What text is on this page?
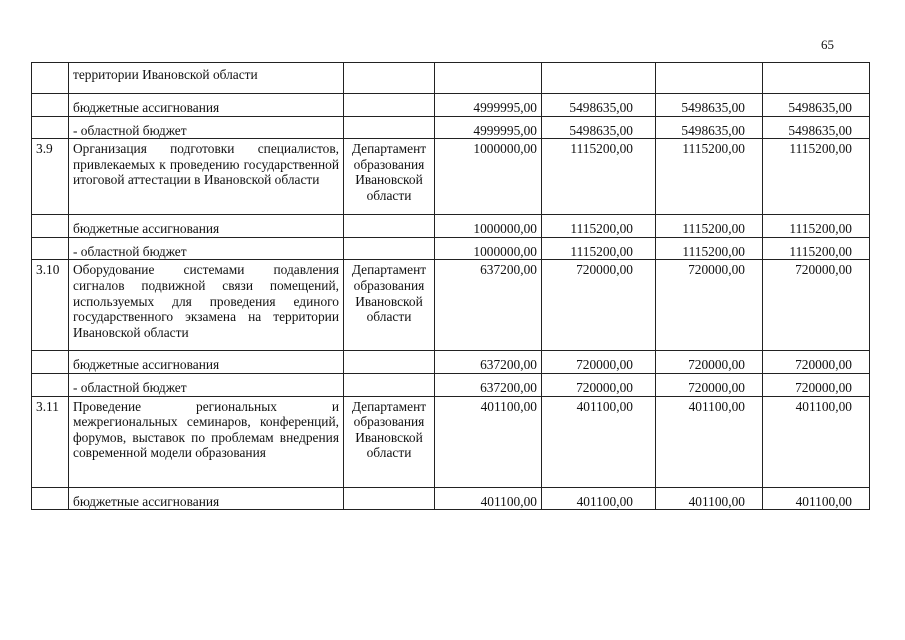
65
	территории Ивановской области					
	бюджетные ассигнования		4999995,00	5498635,00	5498635,00	5498635,00
	- областной бюджет		4999995,00	5498635,00	5498635,00	5498635,00
3.9	Организация подготовки специалистов, привлекаемых к проведению государственной итоговой аттестации в Ивановской области	Департамент образования Ивановской области	1000000,00	1115200,00	1115200,00	1115200,00
	бюджетные ассигнования		1000000,00	1115200,00	1115200,00	1115200,00
	- областной бюджет		1000000,00	1115200,00	1115200,00	1115200,00
3.10	Оборудование системами подавления сигналов подвижной связи помещений, используемых для проведения единого государственного экзамена на территории Ивановской области	Департамент образования Ивановской области	637200,00	720000,00	720000,00	720000,00
	бюджетные ассигнования		637200,00	720000,00	720000,00	720000,00
	- областной бюджет		637200,00	720000,00	720000,00	720000,00
3.11	Проведение региональных и межрегиональных семинаров, конференций, форумов, выставок по проблемам внедрения современной модели образования	Департамент образования Ивановской области	401100,00	401100,00	401100,00	401100,00
	бюджетные ассигнования		401100,00	401100,00	401100,00	401100,00
